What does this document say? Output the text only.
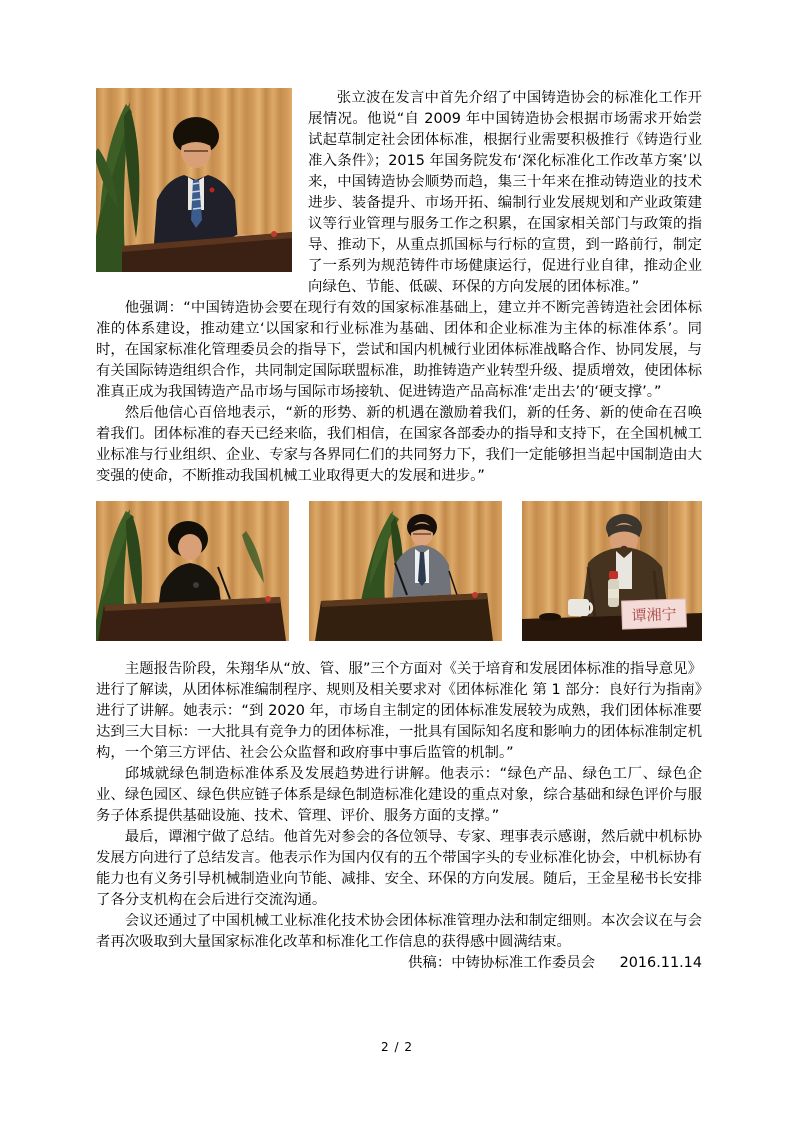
张立波在发言中首先介绍了中国铸造协会的标准化工作开展情况。他说“自 2009 年中国铸造协会根据市场需求开始尝试起草制定社会团体标准，根据行业需要积极推行《铸造行业准入条件》；2015 年国务院发布‘深化标准化工作改革方案’以来，中国铸造协会顺势而趋，集三十年来在推动铸造业的技术进步、装备提升、市场开拓、编制行业发展规划和产业政策建议等行业管理与服务工作之积累，在国家相关部门与政策的指导、推动下，从重点抓国标与行标的宣贯，到一路前行，制定了一系列为规范铸件市场健康运行，促进行业自律，推动企业向绿色、节能、低碳、环保的方向发展的团体标准。”

他强调：“中国铸造协会要在现行有效的国家标准基础上，建立并不断完善铸造社会团体标准的体系建设，推动建立‘以国家和行业标准为基础、团体和企业标准为主体的标准体系’。同时，在国家标准化管理委员会的指导下，尝试和国内机械行业团体标准战略合作、协同发展，与有关国际铸造组织合作，共同制定国际联盟标准，助推铸造产业转型升级、提质增效，使团体标准真正成为我国铸造产品市场与国际市场接轨、促进铸造产品高标准‘走出去’的‘硬支撑’。”

然后他信心百倍地表示，“新的形势、新的机遇在激励着我们，新的任务、新的使命在召唤着我们。团体标准的春天已经来临，我们相信，在国家各部委办的指导和支持下，在全国机械工业标准与行业组织、企业、专家与各界同仁们的共同努力下，我们一定能够担当起中国制造由大变强的使命，不断推动我国机械工业取得更大的发展和进步。”

谭湘宁

主题报告阶段，朱翔华从“放、管、服”三个方面对《关于培育和发展团体标准的指导意见》进行了解读，从团体标准编制程序、规则及相关要求对《团体标准化 第 1 部分：良好行为指南》进行了讲解。她表示：“到 2020 年，市场自主制定的团体标准发展较为成熟，我们团体标准要达到三大目标：一大批具有竞争力的团体标准，一批具有国际知名度和影响力的团体标准制定机构，一个第三方评估、社会公众监督和政府事中事后监管的机制。”

邱城就绿色制造标准体系及发展趋势进行讲解。他表示：“绿色产品、绿色工厂、绿色企业、绿色园区、绿色供应链子体系是绿色制造标准化建设的重点对象，综合基础和绿色评价与服务子体系提供基础设施、技术、管理、评价、服务方面的支撑。”

最后，谭湘宁做了总结。他首先对参会的各位领导、专家、理事表示感谢，然后就中机标协发展方向进行了总结发言。他表示作为国内仅有的五个带国字头的专业标准化协会，中机标协有能力也有义务引导机械制造业向节能、减排、安全、环保的方向发展。随后，王金星秘书长安排了各分支机构在会后进行交流沟通。

会议还通过了中国机械工业标准化技术协会团体标准管理办法和制定细则。本次会议在与会者再次吸取到大量国家标准化改革和标准化工作信息的获得感中圆满结束。

供稿：中铸协标准工作委员会 2016.11.14

2 / 2
